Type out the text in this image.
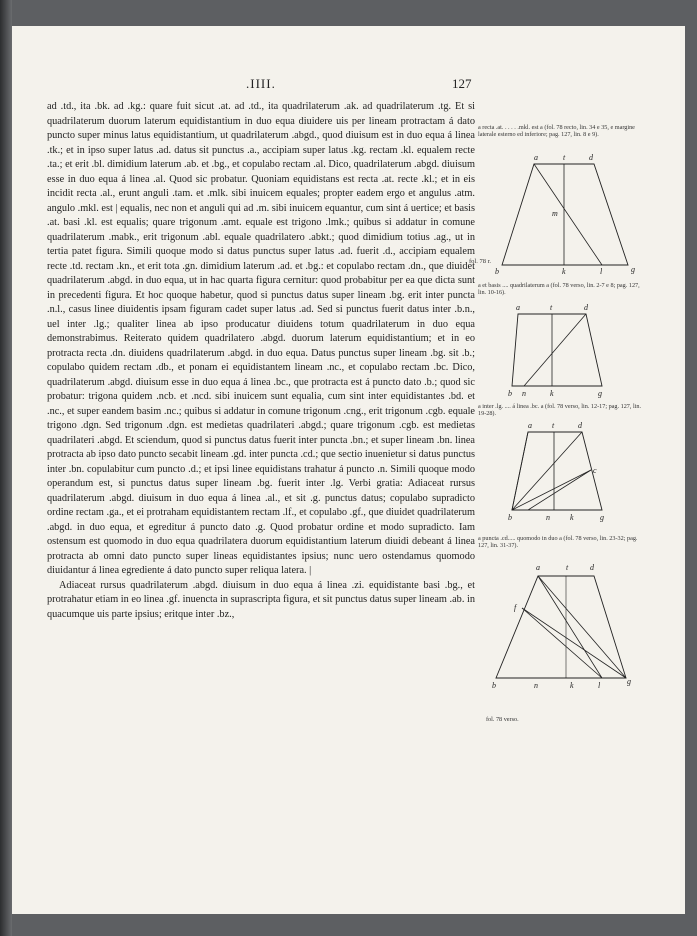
.IIII.	127

ad .td., ita .bk. ad .kg.: quare fuit sicut .at. ad .td., ita quadrilaterum .ak. ad quadrilaterum .tg. Et si quadrilaterum duorum laterum equidistantium in duo equa diuidere uis per lineam protractam á dato puncto super minus latus equidistantium, ut quadrilaterum .abgd., quod diuisum est in duo equa á linea .tk.; et in ipso super latus .ad. datus sit punctus .a., accipiam super latus .kg. rectam .kl. equalem recte .ta.; et erit .bl. dimidium laterum .ab. et .bg., et copulabo rectam .al. Dico, quadrilaterum .abgd. diuisum esse in duo equa á linea .al. Quod sic probatur. Quoniam equidistans est recta .at. recte .kl.; et in eis incidit recta .al., erunt anguli .tam. et .mlk. sibi inuicem equales; propter eadem ergo et angulus .atm. angulo .mkl. est | equalis, nec non et anguli qui ad .m. sibi inuicem equantur, cum sint á uertice; et basis .at. basi .kl. est equalis; quare trigonum .amt. equale est trigono .lmk.; quibus si addatur in comune quadrilaterum .mabk., erit trigonum .abl. equale quadrilatero .abkt.; quod dimidium totius .ag., ut in tertia patet figura. Simili quoque modo si datus punctus super latus .ad. fuerit .d., accipiam equalem recte .td. rectam .kn., et erit tota .gn. dimidium laterum .ad. et .bg.: et copulabo rectam .dn., que diuidet quadrilaterum .abgd. in duo equa, ut in hac quarta figura cernitur: quod probabitur per ea que dicta sunt in precedenti figura. Et hoc quoque habetur, quod si punctus datus super lineam .bg. erit inter puncta .n.l., casus linee diuidentis ipsam figuram cadet super latus .ad. Sed si punctus fuerit datus inter .b.n., uel inter .lg.; qualiter linea ab ipso producatur diuidens totum quadrilaterum in duo equa demonstrabimus. Reiterato quidem quadrilatero .abgd. duorum laterum equidistantium; et in eo protracta recta .dn. diuidens quadrilaterum .abgd. in duo equa. Datus punctus super lineam .bg. sit .b.; copulabo quidem rectam .db., et ponam ei equidistantem lineam .nc., et copulabo rectam .bc. Dico, quadrilaterum .abgd. diuisum esse in duo equa á linea .bc., que protracta est á puncto dato .b.; quod sic probatur: trigona quidem .ncb. et .ncd. sibi inuicem sunt equalia, cum sint inter equidistantes .bd. et .nc., et super eandem basim .nc.; quibus si addatur in comune trigonum .cng., erit trigonum .cgb. equale trigono .dgn. Sed trigonum .dgn. est medietas quadrilateri .abgd.; quare trigonum .cgb. est medietas quadrilateri .abgd. Et sciendum, quod si punctus datus fuerit inter puncta .bn.; et super lineam .bn. linea protracta ab ipso dato puncto secabit lineam .gd. inter puncta .cd.; que sectio inuenietur si datus punctus inter .bn. copulabitur cum puncto .d.; et ipsi linee equidistans trahatur á puncto .n. Simili quoque modo operandum est, si punctus datus super lineam .bg. fuerit inter .lg. Verbi gratia: Adiaceat rursus quadrilaterum .abgd. diuisum in duo equa á linea .al., et sit .g. punctus datus; copulabo supradicto ordine rectam .ga., et ei protraham equidistantem rectam .lf., et copulabo .gf., que diuidet quadrilaterum .abgd. in duo equa, et egreditur á puncto dato .g. Quod probatur ordine et modo supradicto. Iam ostensum est quomodo in duo equa quadrilatera duorum equidistantium laterum diuidi debeant á linea protracta ab omni dato puncto super lineas equidistantes ipsius; nunc uero ostendamus quomodo diuidantur á linea egrediente á dato puncto super reliqua latera. |

Adiaceat rursus quadrilaterum .abgd. diuisum in duo equa á linea .zi. equidistante basi .bg., et protrahatur etiam in eo linea .gf. inuencta in suprascripta figura, et sit punctus datus super lineam .ab. in quacumque uis parte ipsius; eritque inter .bz.,

fol. 78 r.
a recta .at. . . . . .mkl. est a (fol. 78 recto, lin. 34 e 35, e margine laterale esterno ed inferiore; pag. 127, lin. 8 e 9).
a	t	d
m
b	k	l	g
a et basis .... quadrilaterum a (fol. 78 verso, lin. 2-7 e 8; pag. 127, lin. 10-16).
a	t	d
b n	k	g
a inter .lg. .... á linea .bc. a (fol. 78 verso, lin. 12-17; pag. 127, lin. 19-28).
a	t	d
c
b	n	k	g
a puncta .cd..... quomodo in duo a (fol. 78 verso, lin. 23-32; pag. 127, lin. 31-37).
a	t	d
f
b	n	k	l	g
fol. 78 verso.
